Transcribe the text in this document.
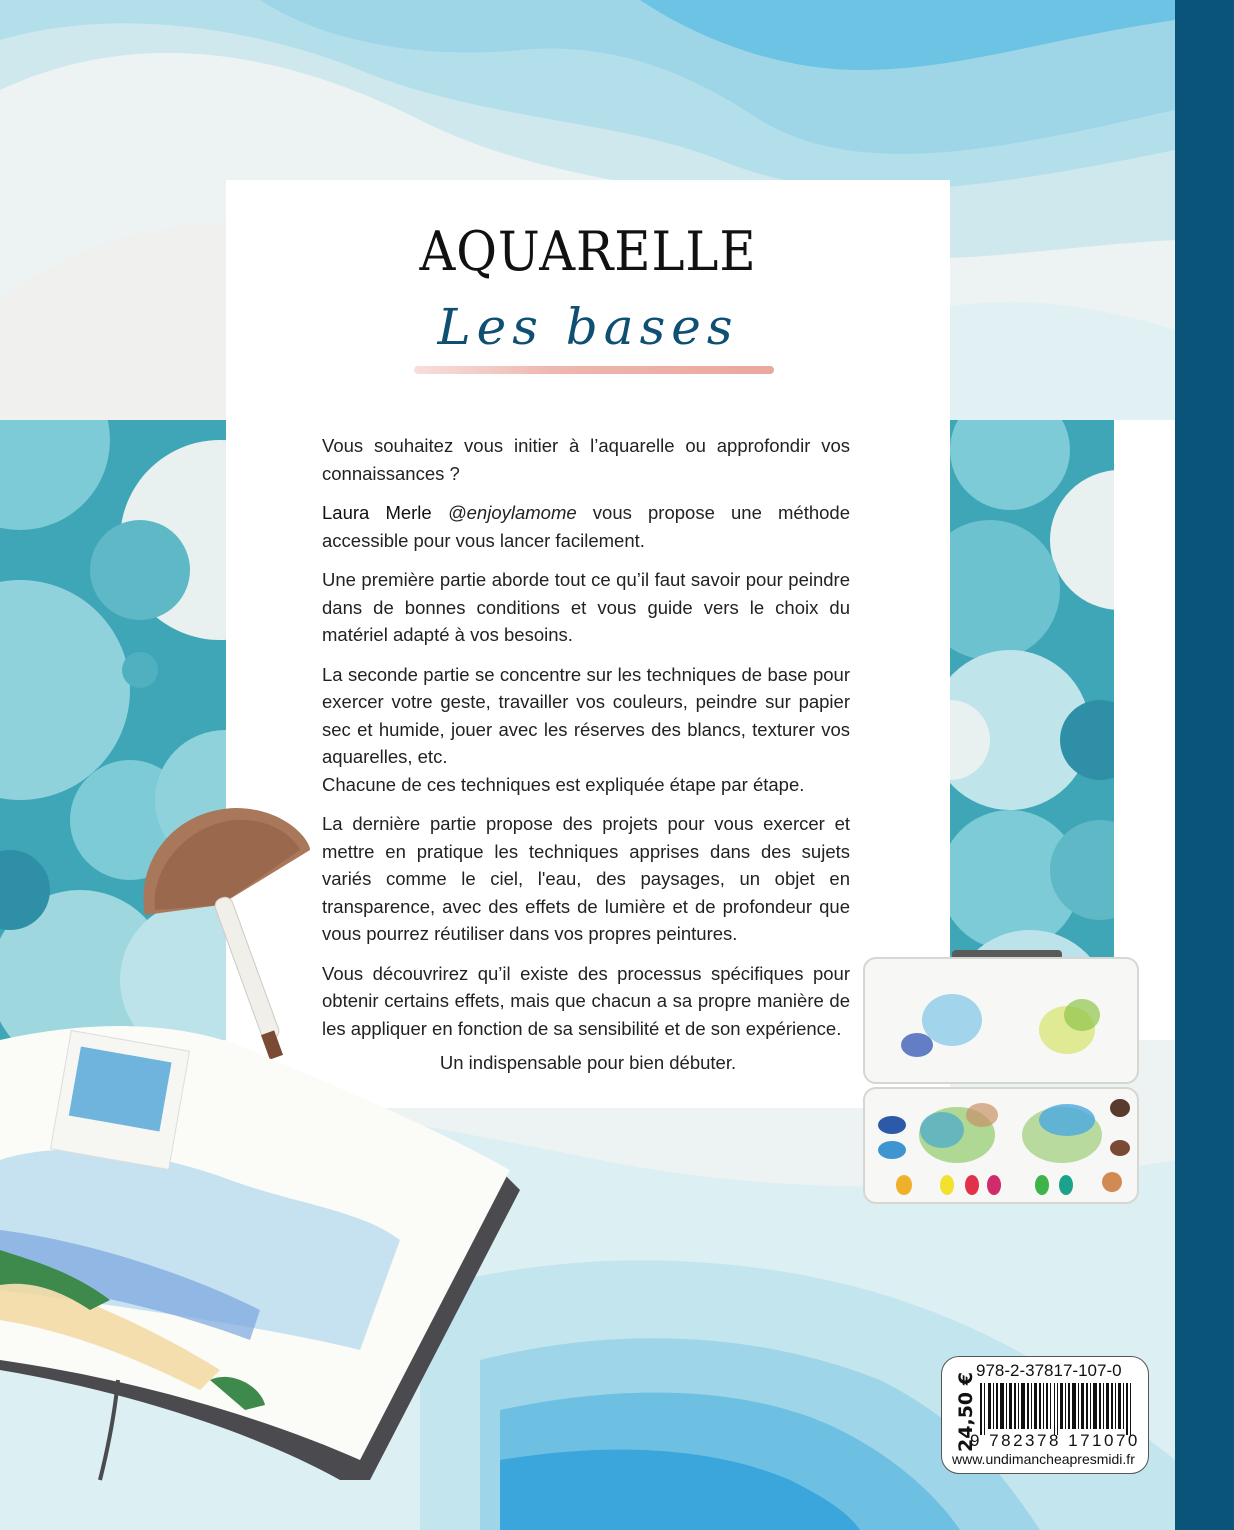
AQUARELLE
Les bases

Vous souhaitez vous initier à l’aquarelle ou approfondir vos connaissances ?

Laura Merle @enjoylamome vous propose une méthode accessible pour vous lancer facilement.

Une première partie aborde tout ce qu’il faut savoir pour peindre dans de bonnes conditions et vous guide vers le choix du matériel adapté à vos besoins.

La seconde partie se concentre sur les techniques de base pour exercer votre geste, travailler vos couleurs, peindre sur papier sec et humide, jouer avec les réserves des blancs, texturer vos aquarelles, etc.
Chacune de ces techniques est expliquée étape par étape.

La dernière partie propose des projets pour vous exercer et mettre en pratique les techniques apprises dans des sujets variés comme le ciel, l'eau, des paysages, un objet en transparence, avec des effets de lumière et de profondeur que vous pourrez réutiliser dans vos propres peintures.

Vous découvrirez qu’il existe des processus spécifiques pour obtenir certains effets, mais que chacun a sa propre manière de les appliquer en fonction de sa sensibilité et de son expérience.

Un indispensable pour bien débuter.
24,50 €
978-2-37817-107-0
9 782378 171070
www.undimancheapresmidi.fr
